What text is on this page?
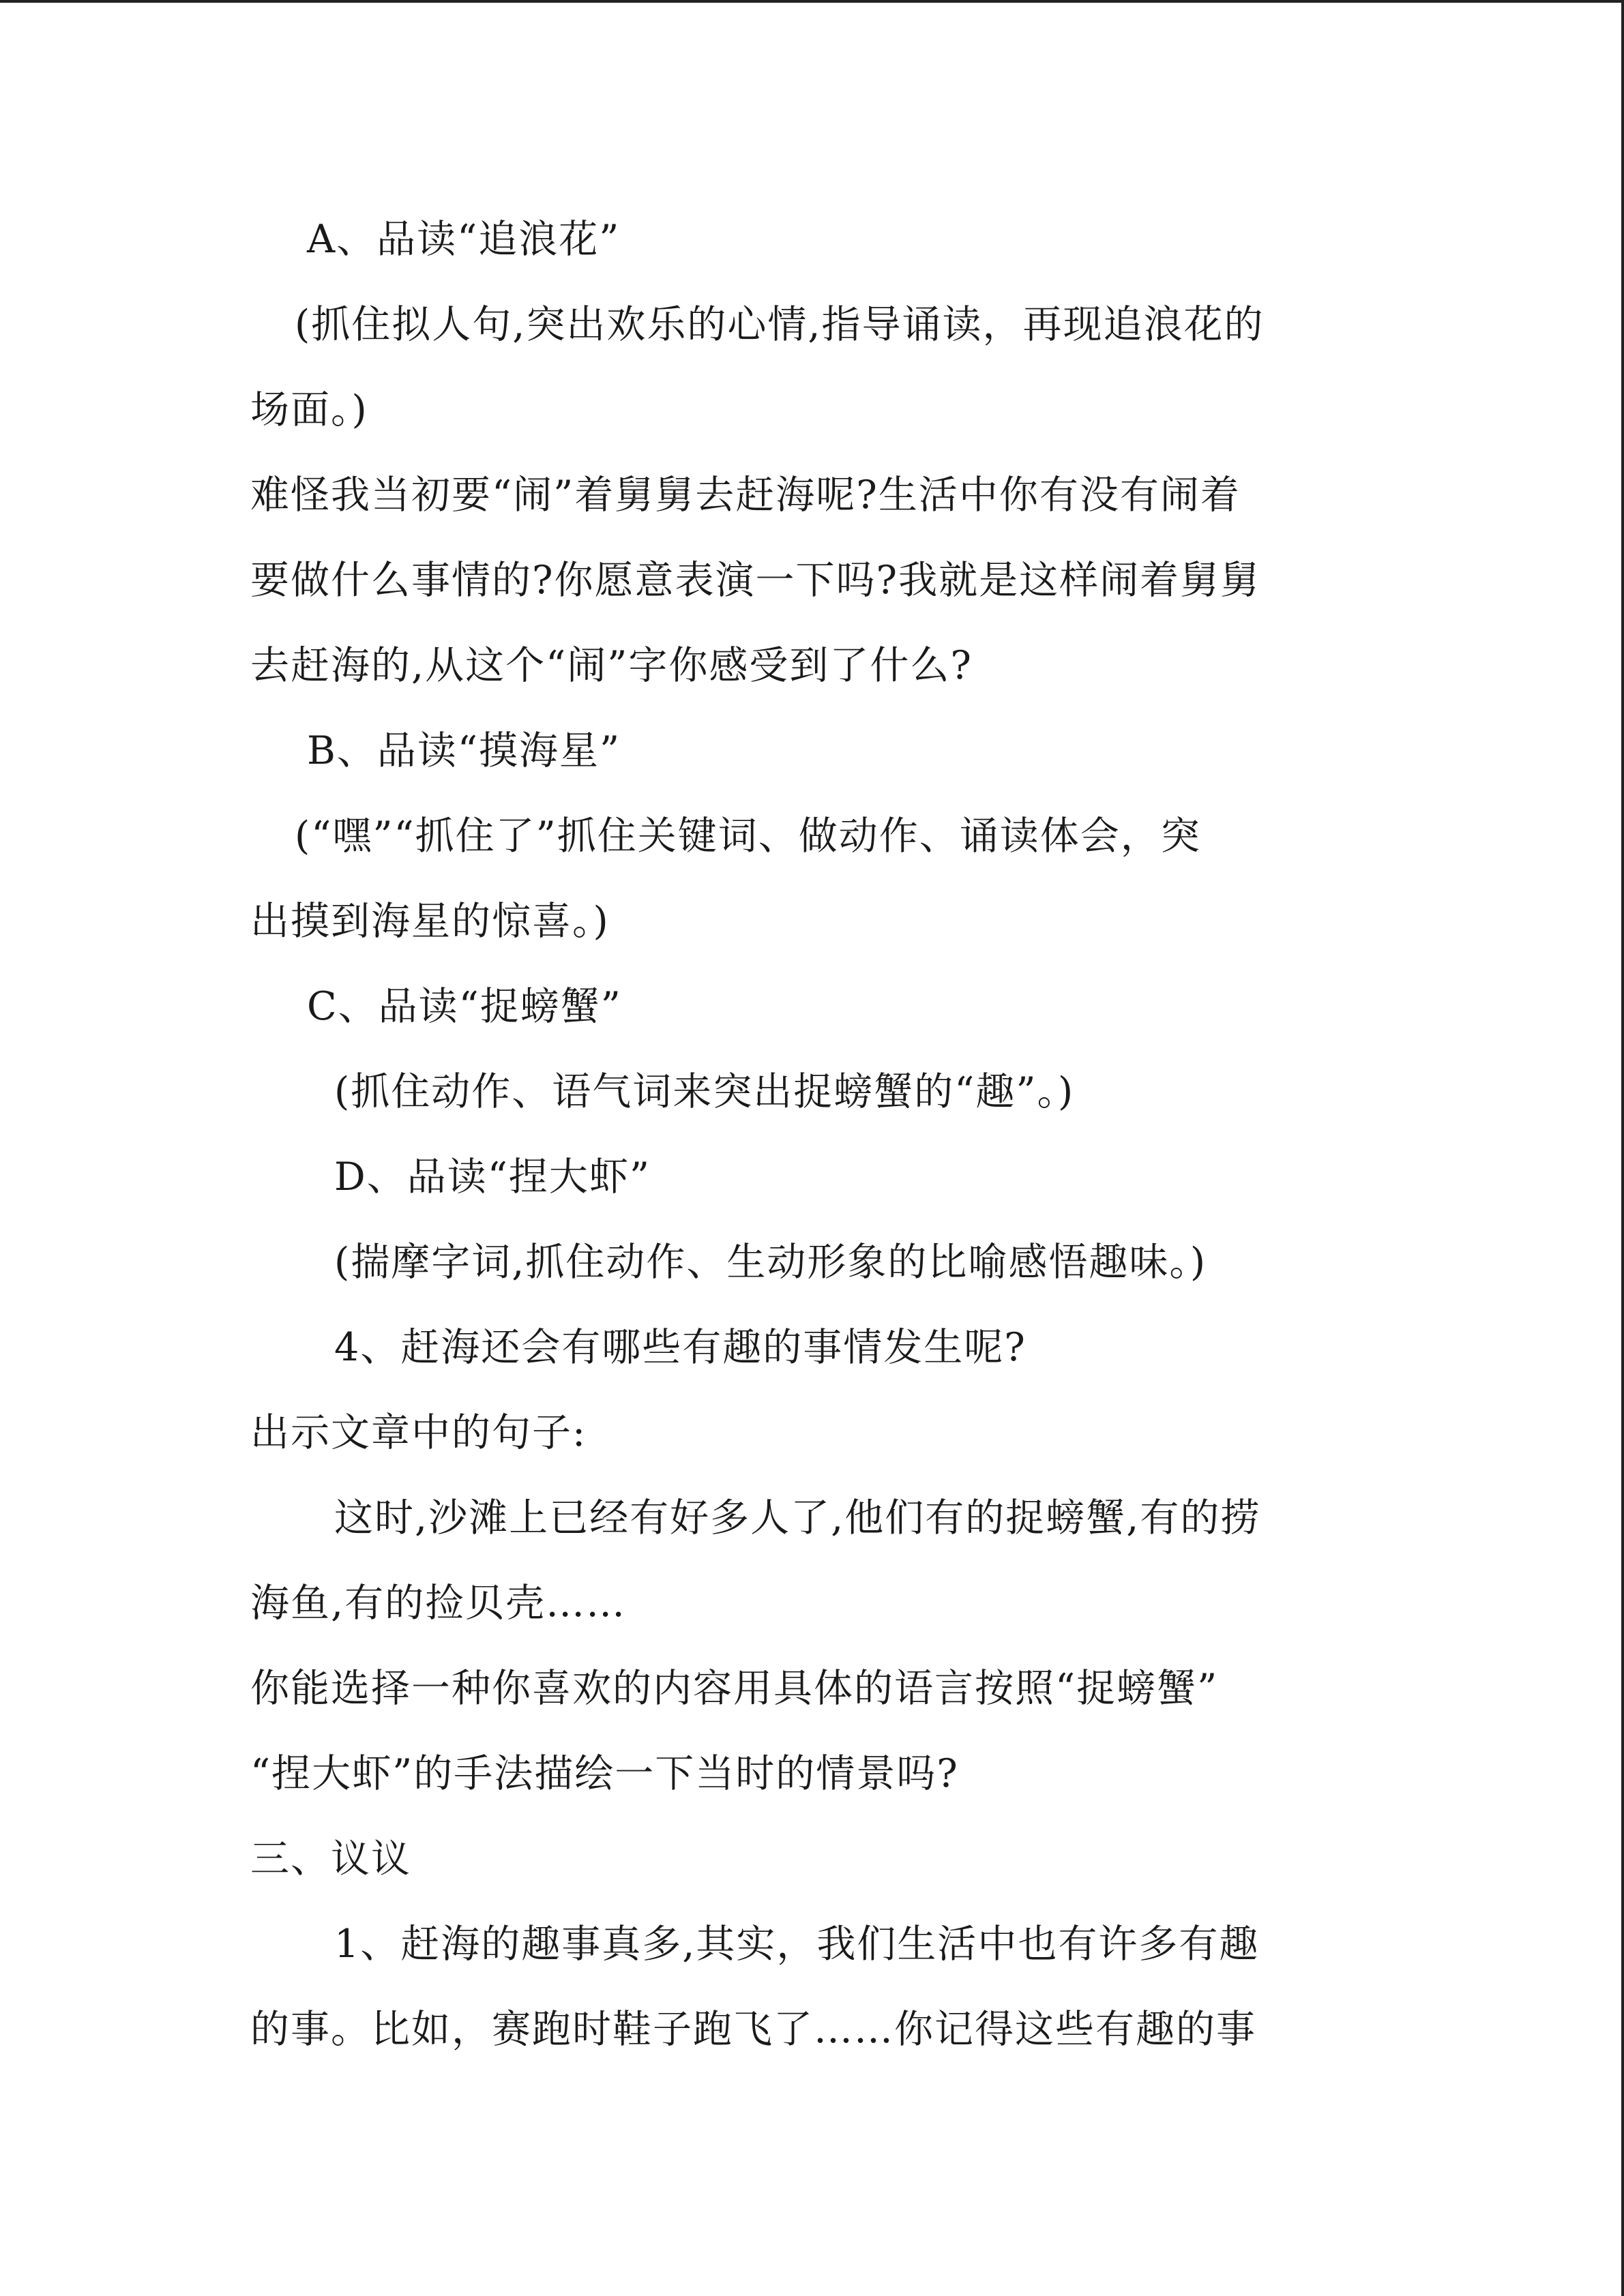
A、品读“追浪花”
(抓住拟人句,突出欢乐的心情,指导诵读，再现追浪花的
场面。)
难怪我当初要“闹”着舅舅去赶海呢?生活中你有没有闹着
要做什么事情的?你愿意表演一下吗?我就是这样闹着舅舅
去赶海的,从这个“闹”字你感受到了什么?
B、品读“摸海星”
(“嘿”“抓住了”抓住关键词、做动作、诵读体会，突
出摸到海星的惊喜。)
C、品读“捉螃蟹”
(抓住动作、语气词来突出捉螃蟹的“趣”。)
D、品读“捏大虾”
(揣摩字词,抓住动作、生动形象的比喻感悟趣味。)
4、赶海还会有哪些有趣的事情发生呢?
出示文章中的句子:
这时,沙滩上已经有好多人了,他们有的捉螃蟹,有的捞
海鱼,有的捡贝壳……
你能选择一种你喜欢的内容用具体的语言按照“捉螃蟹”
“捏大虾”的手法描绘一下当时的情景吗?
三、议议
1、赶海的趣事真多,其实，我们生活中也有许多有趣
的事。比如，赛跑时鞋子跑飞了……你记得这些有趣的事
